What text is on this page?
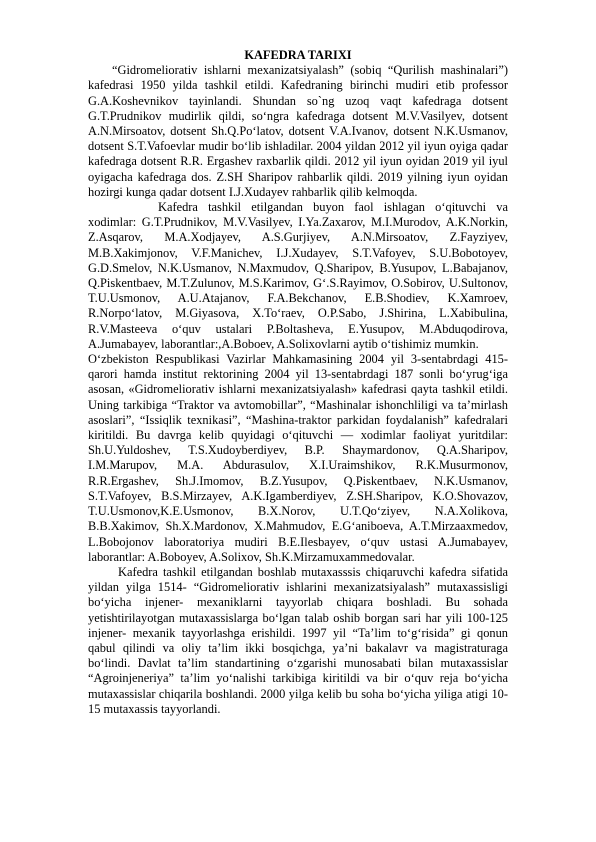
KAFEDRA TARIXI

“Gidromeliorativ ishlarni mexanizatsiyalash” (sobiq “Qurilish mashinalari”) kafedrasi 1950 yilda tashkil etildi. Kafedraning birinchi mudiri etib professor G.A.Koshevnikov tayinlandi. Shundan so`ng uzoq vaqt kafedraga dotsent G.T.Prudnikov mudirlik qildi, so‘ngra kafedraga dotsent M.V.Vasilyev, dotsent A.N.Mirsoatov, dotsent Sh.Q.Po‘latov, dotsent V.A.Ivanov, dotsent N.K.Usmanov, dotsent S.T.Vafoevlar mudir bo‘lib ishladilar. 2004 yildan 2012 yil iyun oyiga qadar kafedraga dotsent R.R. Ergashev raxbarlik qildi. 2012 yil iyun oyidan 2019 yil iyul oyigacha kafedraga dos. Z.SH Sharipov rahbarlik qildi. 2019 yilning iyun oyidan hozirgi kunga qadar dotsent I.J.Xudayev rahbarlik qilib kelmoqda.

Kafedra tashkil etilgandan buyon faol ishlagan o‘qituvchi va xodimlar: G.T.Prudnikov, M.V.Vasilyev, I.Ya.Zaxarov, M.I.Murodov, A.K.Norkin, Z.Asqarov, M.A.Xodjayev, A.S.Gurjiyev, A.N.Mirsoatov, Z.Fayziyev, M.B.Xakimjonov, V.F.Manichev, I.J.Xudayev, S.T.Vafoyev, S.U.Bobotoyev, G.D.Smelov, N.K.Usmanov, N.Maxmudov, Q.Sharipov, B.Yusupov, L.Babajanov, Q.Piskentbaev, M.T.Zulunov, M.S.Karimov, G‘.S.Rayimov, O.Sobirov, U.Sultonov, T.U.Usmonov, A.U.Atajanov, F.A.Bekchanov, E.B.Shodiev, K.Xamroev, R.Norpo‘latov, M.Giyasova, X.To‘raev, O.P.Sabo, J.Shirina, L.Xabibulina, R.V.Masteeva o‘quv ustalari P.Boltasheva, E.Yusupov, M.Abduqodirova, A.Jumabayev, laborantlar:,A.Boboev, A.Solixovlarni aytib o‘tishimiz mumkin.

O‘zbekiston Respublikasi Vazirlar Mahkamasining 2004 yil 3-sentabrdagi 415-qarori hamda institut rektorining 2004 yil 13-sentabrdagi 187 sonli bo‘yrug‘iga asosan, «Gidromeliorativ ishlarni mexanizatsiyalash» kafedrasi qayta tashkil etildi. Uning tarkibiga “Traktor va avtomobillar”, “Mashinalar ishonchliligi va ta’mirlash asoslari”, “Issiqlik texnikasi”, “Mashina-traktor parkidan foydalanish” kafedralari kiritildi. Bu davrga kelib quyidagi o‘qituvchi — xodimlar faoliyat yuritdilar: Sh.U.Yuldoshev, T.S.Xudoyberdiyev, B.P. Shaymardonov, Q.A.Sharipov, I.M.Marupov, M.A. Abdurasulov, X.I.Uraimshikov, R.K.Musurmonov, R.R.Ergashev, Sh.J.Imomov, B.Z.Yusupov, Q.Piskentbaev, N.K.Usmanov, S.T.Vafoyev, B.S.Mirzayev, A.K.Igamberdiyev, Z.SH.Sharipov, K.O.Shovazov, T.U.Usmonov,K.E.Usmonov, B.X.Norov, U.T.Qo‘ziyev, N.A.Xolikova, B.B.Xakimov, Sh.X.Mardonov, X.Mahmudov, E.G‘aniboeva, A.T.Mirzaaxmedov, L.Bobojonov laboratoriya mudiri B.E.Ilesbayev, o‘quv ustasi A.Jumabayev, laborantlar: A.Boboyev, A.Solixov, Sh.K.Mirzamuxammedovalar.

Kafedra tashkil etilgandan boshlab mutaxasssis chiqaruvchi kafedra sifatida yildan yilga 1514- “Gidromeliorativ ishlarini mexanizatsiyalash” mutaxassisligi bo‘yicha injener- mexaniklarni tayyorlab chiqara boshladi. Bu sohada yetishtirilayotgan mutaxassislarga bo‘lgan talab oshib borgan sari har yili 100-125 injener- mexanik tayyorlashga erishildi. 1997 yil “Ta’lim to‘g‘risida” gi qonun qabul qilindi va oliy ta’lim ikki bosqichga, ya’ni bakalavr va magistraturaga bo‘lindi. Davlat ta’lim standartining o‘zgarishi munosabati bilan mutaxassislar “Agroinjeneriya” ta’lim yo‘nalishi tarkibiga kiritildi va bir o‘quv reja bo‘yicha mutaxassislar chiqarila boshlandi. 2000 yilga kelib bu soha bo‘yicha yiliga atigi 10-15 mutaxassis tayyorlandi.
